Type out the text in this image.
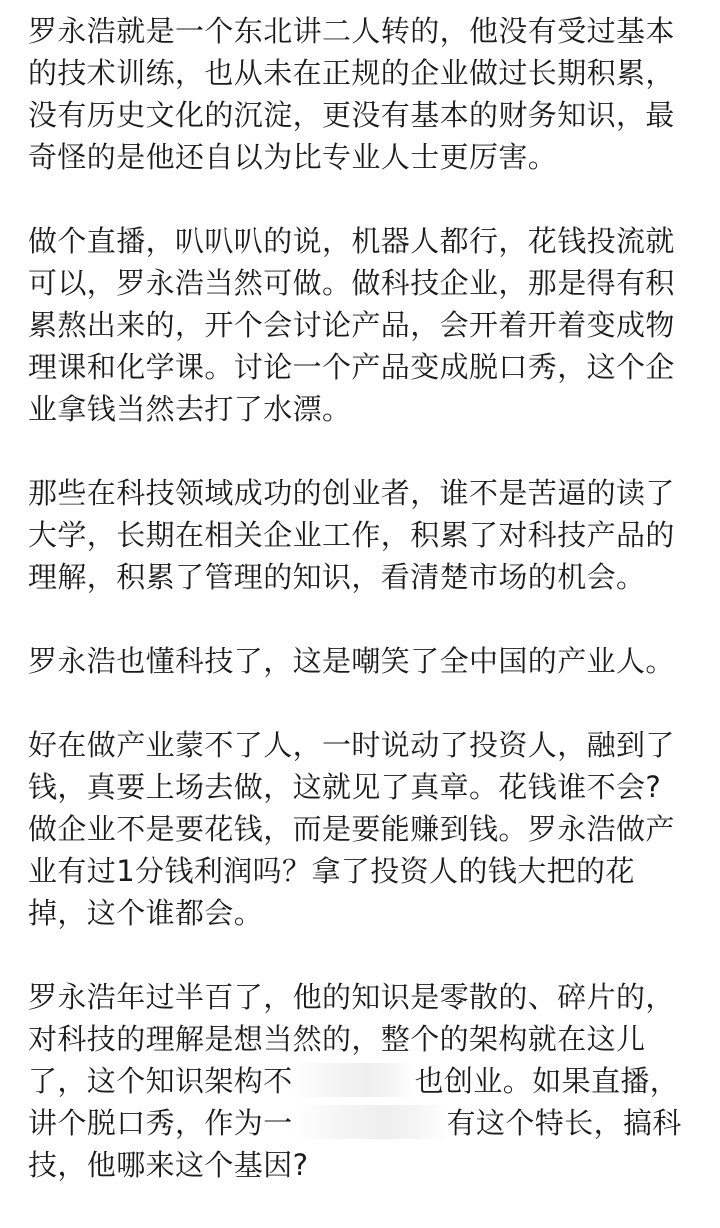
罗永浩就是一个东北讲二人转的，他没有受过基本
的技术训练，也从未在正规的企业做过长期积累，
没有历史文化的沉淀，更没有基本的财务知识，最
奇怪的是他还自以为比专业人士更厉害。
做个直播，叭叭叭的说，机器人都行，花钱投流就
可以，罗永浩当然可做。做科技企业，那是得有积
累熬出来的，开个会讨论产品，会开着开着变成物
理课和化学课。讨论一个产品变成脱口秀，这个企
业拿钱当然去打了水漂。
那些在科技领域成功的创业者，谁不是苦逼的读了
大学，长期在相关企业工作，积累了对科技产品的
理解，积累了管理的知识，看清楚市场的机会。
罗永浩也懂科技了，这是嘲笑了全中国的产业人。
好在做产业蒙不了人，一时说动了投资人，融到了
钱，真要上场去做，这就见了真章。花钱谁不会?
做企业不是要花钱，而是要能赚到钱。罗永浩做产
业有过1分钱利润吗？拿了投资人的钱大把的花
掉，这个谁都会。
罗永浩年过半百了，他的知识是零散的、碎片的，
对科技的理解是想当然的，整个的架构就在这儿
了，这个知识架构不	也创业。如果直播，
讲个脱口秀，作为一	有这个特长，搞科
技，他哪来这个基因?
